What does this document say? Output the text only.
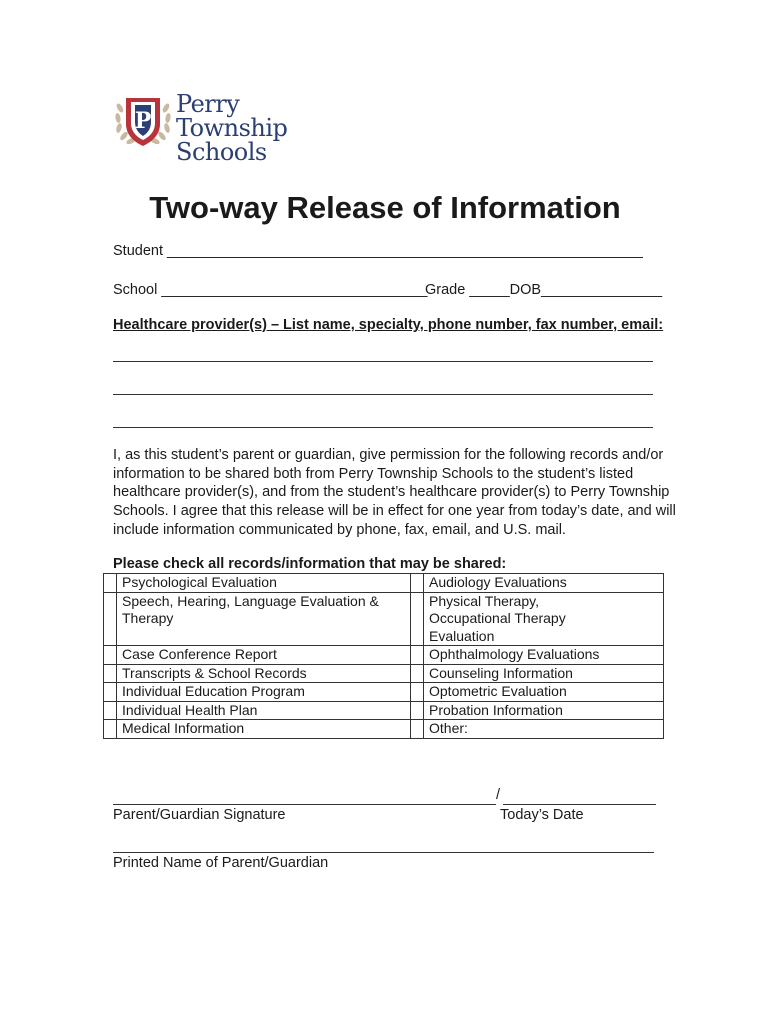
P
Perry
Township
Schools
Two-way Release of Information
Student ___________________________________________________________
School _________________________________
Grade _____DOB_______________
Healthcare provider(s) – List name, specialty, phone number, fax number, email:
I, as this student’s parent or guardian, give permission for the following records and/or
information to be shared both from Perry Township Schools to the student’s listed
healthcare provider(s), and from the student’s healthcare provider(s) to Perry Township
Schools. I agree that this release will be in effect for one year from today’s date, and will
include information communicated by phone, fax, email, and U.S. mail.
Please check all records/information that may be shared:
	Psychological Evaluation		Audiology Evaluations
	Speech, Hearing, Language Evaluation & Therapy		Physical Therapy, Occupational Therapy Evaluation
	Case Conference Report		Ophthalmology Evaluations
	Transcripts & School Records		Counseling Information
	Individual Education Program		Optometric Evaluation
	Individual Health Plan		Probation Information
	Medical Information		Other:
/
Parent/Guardian Signature	Today’s Date
Printed Name of Parent/Guardian
